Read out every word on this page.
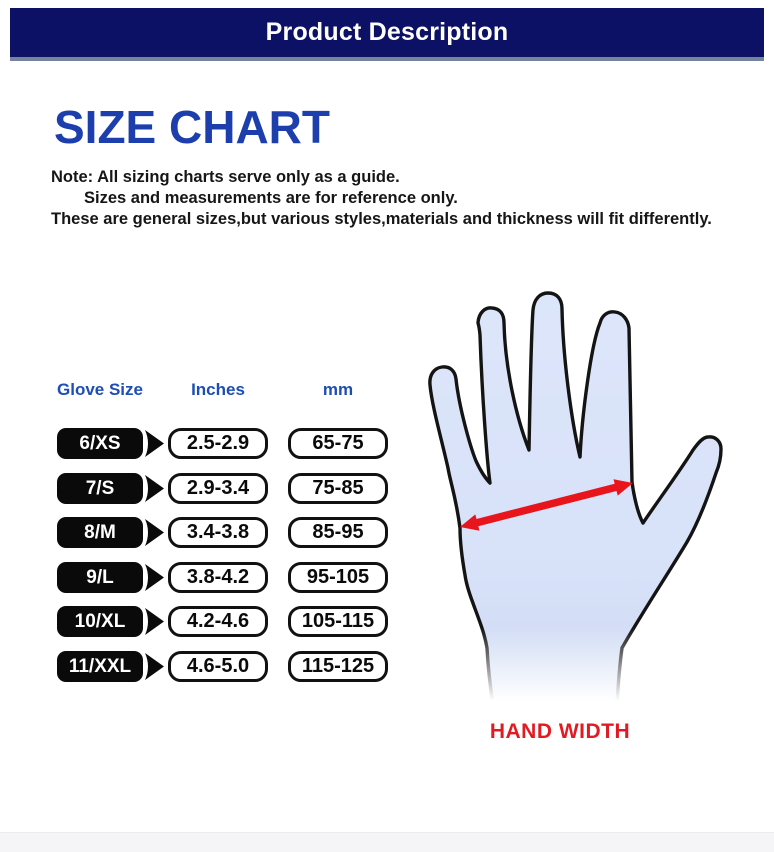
Product Description
SIZE CHART
Note: All sizing charts serve only as a guide.
Sizes and measurements are for reference only.
These are general sizes,but various styles,materials and thickness will fit differently.
Glove Size	Inches	mm
6/XS	2.5-2.9	65-75
7/S	2.9-3.4	75-85
8/M	3.4-3.8	85-95
9/L	3.8-4.2	95-105
10/XL	4.2-4.6	105-115
11/XXL	4.6-5.0	115-125
HAND WIDTH
